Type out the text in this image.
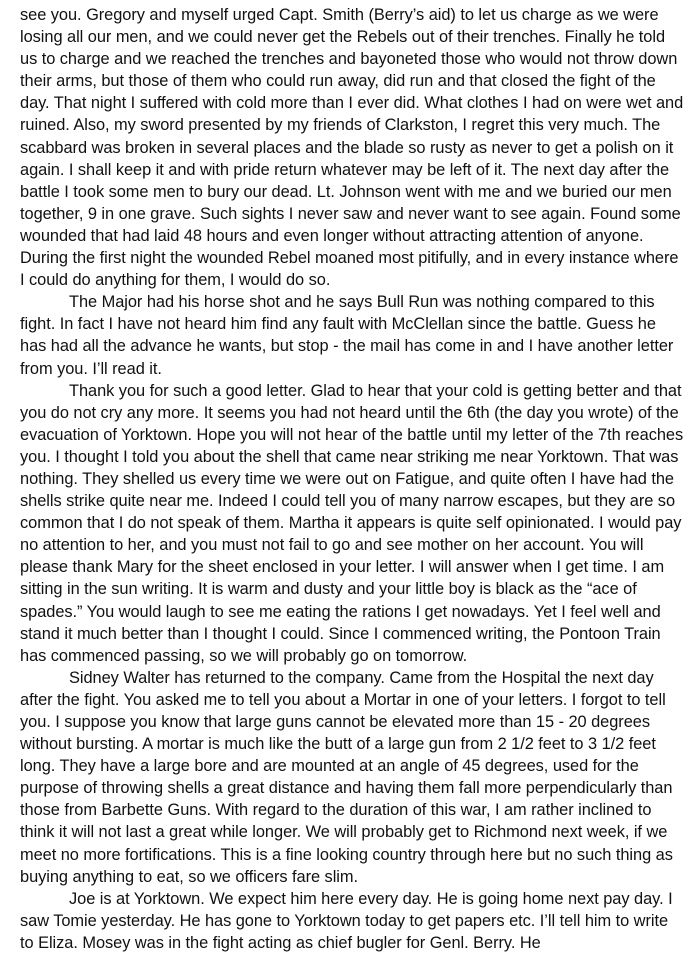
see you. Gregory and myself urged Capt. Smith (Berry’s aid) to let us charge as we were losing all our men, and we could never get the Rebels out of their trenches. Finally he told us to charge and we reached the trenches and bayoneted those who would not throw down their arms, but those of them who could run away, did run and that closed the fight of the day. That night I suffered with cold more than I ever did. What clothes I had on were wet and ruined. Also, my sword presented by my friends of Clarkston, I regret this very much. The scabbard was broken in several places and the blade so rusty as never to get a polish on it again. I shall keep it and with pride return whatever may be left of it. The next day after the battle I took some men to bury our dead. Lt. Johnson went with me and we buried our men together, 9 in one grave. Such sights I never saw and never want to see again. Found some wounded that had laid 48 hours and even longer without attracting attention of anyone. During the first night the wounded Rebel moaned most pitifully, and in every instance where I could do anything for them, I would do so.

The Major had his horse shot and he says Bull Run was nothing compared to this fight. In fact I have not heard him find any fault with McClellan since the battle. Guess he has had all the advance he wants, but stop - the mail has come in and I have another letter from you. I’ll read it.

Thank you for such a good letter. Glad to hear that your cold is getting better and that you do not cry any more. It seems you had not heard until the 6th (the day you wrote) of the evacuation of Yorktown. Hope you will not hear of the battle until my letter of the 7th reaches you. I thought I told you about the shell that came near striking me near Yorktown. That was nothing. They shelled us every time we were out on Fatigue, and quite often I have had the shells strike quite near me. Indeed I could tell you of many narrow escapes, but they are so common that I do not speak of them. Martha it appears is quite self opinionated. I would pay no attention to her, and you must not fail to go and see mother on her account. You will please thank Mary for the sheet enclosed in your letter. I will answer when I get time. I am sitting in the sun writing. It is warm and dusty and your little boy is black as the “ace of spades.” You would laugh to see me eating the rations I get nowadays. Yet I feel well and stand it much better than I thought I could. Since I commenced writing, the Pontoon Train has commenced passing, so we will probably go on tomorrow.

Sidney Walter has returned to the company. Came from the Hospital the next day after the fight. You asked me to tell you about a Mortar in one of your letters. I forgot to tell you. I suppose you know that large guns cannot be elevated more than 15 - 20 degrees without bursting. A mortar is much like the butt of a large gun from 2 1/2 feet to 3 1/2 feet long. They have a large bore and are mounted at an angle of 45 degrees, used for the purpose of throwing shells a great distance and having them fall more perpendicularly than those from Barbette Guns. With regard to the duration of this war, I am rather inclined to think it will not last a great while longer. We will probably get to Richmond next week, if we meet no more fortifications. This is a fine looking country through here but no such thing as buying anything to eat, so we officers fare slim.

Joe is at Yorktown. We expect him here every day. He is going home next pay day. I saw Tomie yesterday. He has gone to Yorktown today to get papers etc. I’ll tell him to write to Eliza. Mosey was in the fight acting as chief bugler for Genl. Berry. He
